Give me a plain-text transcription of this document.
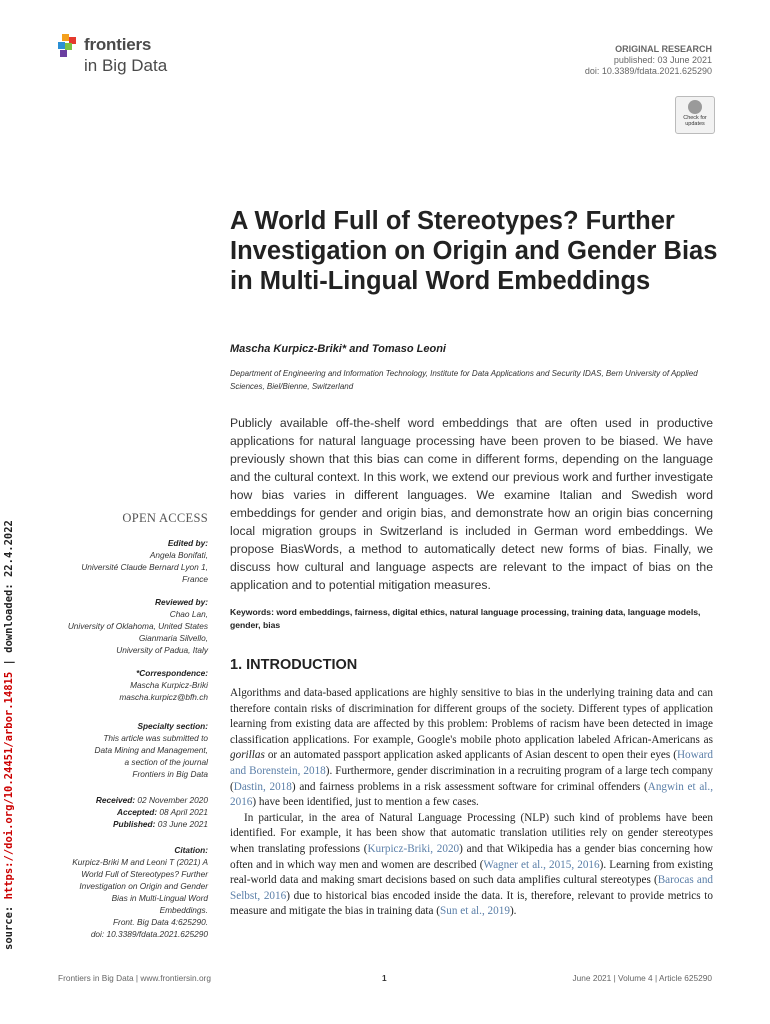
frontiers
in Big Data
ORIGINAL RESEARCH
published: 03 June 2021
doi: 10.3389/fdata.2021.625290
Check for
updates
source: https://doi.org/10.24451/arbor.14815 | downloaded: 22.4.2022
A World Full of Stereotypes? Further Investigation on Origin and Gender Bias in Multi-Lingual Word Embeddings
Mascha Kurpicz-Briki* and Tomaso Leoni
Department of Engineering and Information Technology, Institute for Data Applications and Security IDAS, Bern University of Applied Sciences, Biel/Bienne, Switzerland
Publicly available off-the-shelf word embeddings that are often used in productive applications for natural language processing have been proven to be biased. We have previously shown that this bias can come in different forms, depending on the language and the cultural context. In this work, we extend our previous work and further investigate how bias varies in different languages. We examine Italian and Swedish word embeddings for gender and origin bias, and demonstrate how an origin bias concerning local migration groups in Switzerland is included in German word embeddings. We propose BiasWords, a method to automatically detect new forms of bias. Finally, we discuss how cultural and language aspects are relevant to the impact of bias on the application and to potential mitigation measures.
Keywords: word embeddings, fairness, digital ethics, natural language processing, training data, language models, gender, bias
1. INTRODUCTION

Algorithms and data-based applications are highly sensitive to bias in the underlying training data and can therefore contain risks of discrimination for different groups of the society. Different types of application learning from existing data are affected by this problem: Problems of racism have been detected in image classification applications. For example, Google's mobile photo application labeled African-Americans as gorillas or an automated passport application asked applicants of Asian descent to open their eyes (Howard and Borenstein, 2018). Furthermore, gender discrimination in a recruiting program of a large tech company (Dastin, 2018) and fairness problems in a risk assessment software for criminal offenders (Angwin et al., 2016) have been identified, just to mention a few cases.

In particular, in the area of Natural Language Processing (NLP) such kind of problems have been identified. For example, it has been show that automatic translation utilities rely on gender stereotypes when translating professions (Kurpicz-Briki, 2020) and that Wikipedia has a gender bias concerning how often and in which way men and women are described (Wagner et al., 2015, 2016). Learning from existing real-world data and making smart decisions based on such data amplifies cultural stereotypes (Barocas and Selbst, 2016) due to historical bias encoded inside the data. It is, therefore, relevant to provide metrics to measure and mitigate the bias in training data (Sun et al., 2019).

OPEN ACCESS
Edited by:
Angela Bonifati,
Université Claude Bernard Lyon 1,
France
Reviewed by:
Chao Lan,
University of Oklahoma, United States
Gianmaria Silvello,
University of Padua, Italy
*Correspondence:
Mascha Kurpicz-Briki
mascha.kurpicz@bfh.ch
Specialty section:
This article was submitted to
Data Mining and Management,
a section of the journal
Frontiers in Big Data
Received: 02 November 2020
Accepted: 08 April 2021
Published: 03 June 2021
Citation:
Kurpicz-Briki M and Leoni T (2021) A
World Full of Stereotypes? Further
Investigation on Origin and Gender
Bias in Multi-Lingual Word
Embeddings.
Front. Big Data 4:625290.
doi: 10.3389/fdata.2021.625290
Frontiers in Big Data | www.frontiersin.org	1	June 2021 | Volume 4 | Article 625290
